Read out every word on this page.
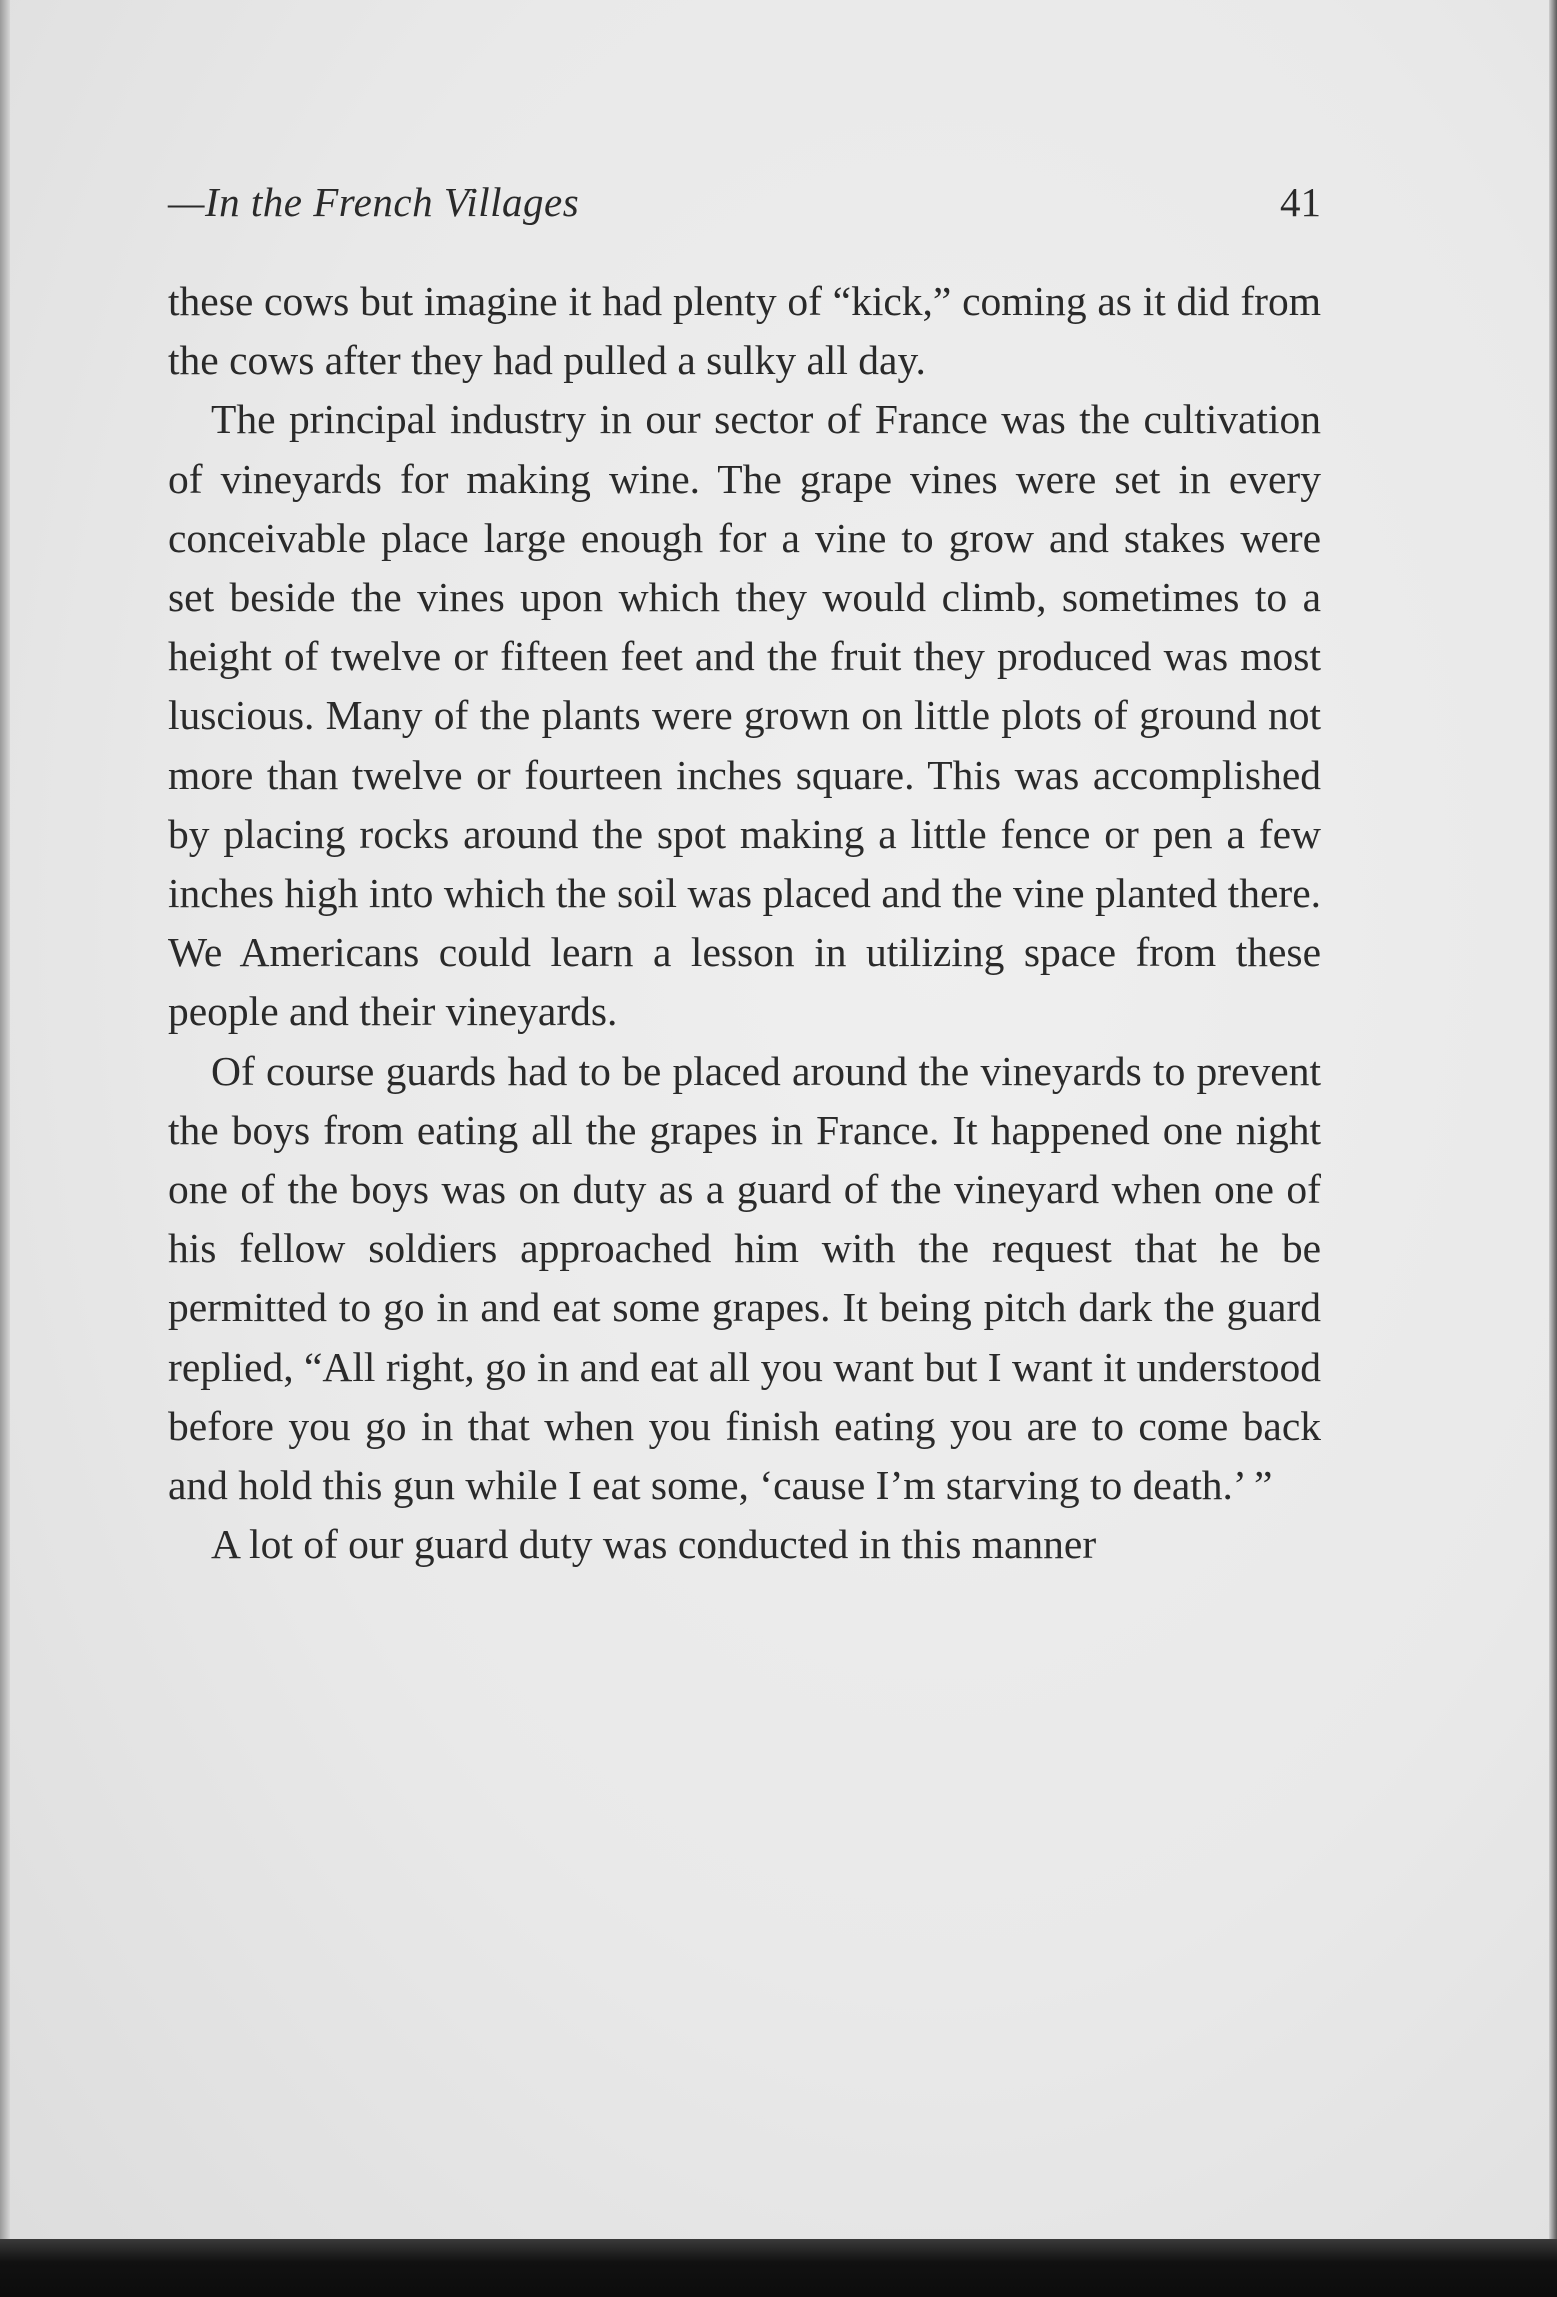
—In the French Villages	41

these cows but imagine it had plenty of “kick,” coming as it did from the cows after they had pulled a sulky all day.

The principal industry in our sector of France was the cultivation of vineyards for making wine. The grape vines were set in every conceivable place large enough for a vine to grow and stakes were set beside the vines upon which they would climb, sometimes to a height of twelve or fifteen feet and the fruit they produced was most luscious. Many of the plants were grown on little plots of ground not more than twelve or fourteen inches square. This was accomplished by placing rocks around the spot making a little fence or pen a few inches high into which the soil was placed and the vine planted there. We Americans could learn a lesson in utilizing space from these people and their vineyards.

Of course guards had to be placed around the vineyards to prevent the boys from eating all the grapes in France. It happened one night one of the boys was on duty as a guard of the vineyard when one of his fellow soldiers approached him with the request that he be permitted to go in and eat some grapes. It being pitch dark the guard replied, “All right, go in and eat all you want but I want it understood before you go in that when you finish eating you are to come back and hold this gun while I eat some, ‘cause I’m starving to death.’ ”

A lot of our guard duty was conducted in this manner
